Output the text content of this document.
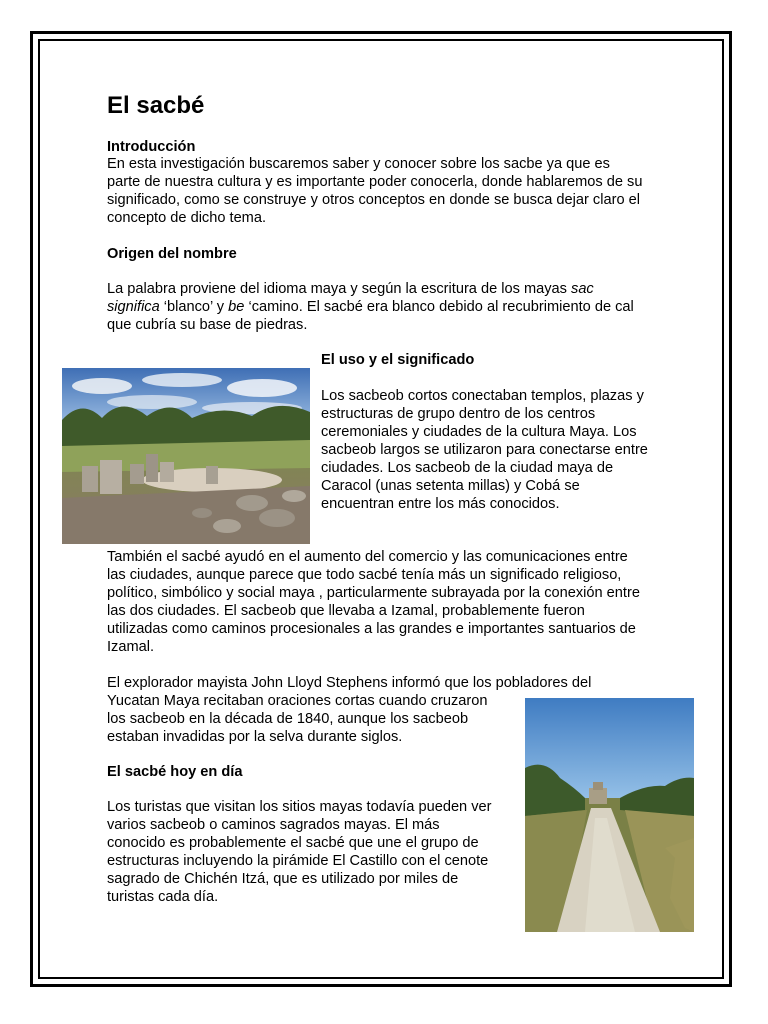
El sacbé

Introducción

En esta investigación buscaremos saber y conocer sobre los sacbe ya que es

parte de nuestra cultura y es importante poder conocerla, donde hablaremos de su

significado, como se construye y otros conceptos en donde se busca dejar claro el

concepto de dicho tema.

Origen del nombre

La palabra proviene del idioma maya y según la escritura de los mayas sac

significa ‘blanco’ y be ‘camino. El sacbé era blanco debido al recubrimiento de cal

que cubría su base de piedras.

El uso y el significado

Los sacbeob cortos conectaban templos, plazas y

estructuras de grupo dentro de los centros

ceremoniales y ciudades de la cultura Maya. Los

sacbeob largos se utilizaron para conectarse entre

ciudades. Los sacbeob de la ciudad maya de

Caracol (unas setenta millas) y Cobá se

encuentran entre los más conocidos.

También el sacbé ayudó en el aumento del comercio y las comunicaciones entre

las ciudades, aunque parece que todo sacbé tenía más un significado religioso,

político, simbólico y social maya , particularmente subrayada por la conexión entre

las dos ciudades. El sacbeob que llevaba a Izamal, probablemente fueron

utilizadas como caminos procesionales a las grandes e importantes santuarios de

Izamal.

El explorador mayista John Lloyd Stephens informó que los pobladores del

Yucatan Maya recitaban oraciones cortas cuando cruzaron

los sacbeob en la década de 1840, aunque los sacbeob

estaban invadidas por la selva durante siglos.

El sacbé hoy en día

Los turistas que visitan los sitios mayas todavía pueden ver

varios sacbeob o caminos sagrados mayas. El más

conocido es probablemente el sacbé que une el grupo de

estructuras incluyendo la pirámide El Castillo con el cenote

sagrado de Chichén Itzá, que es utilizado por miles de

turistas cada día.
